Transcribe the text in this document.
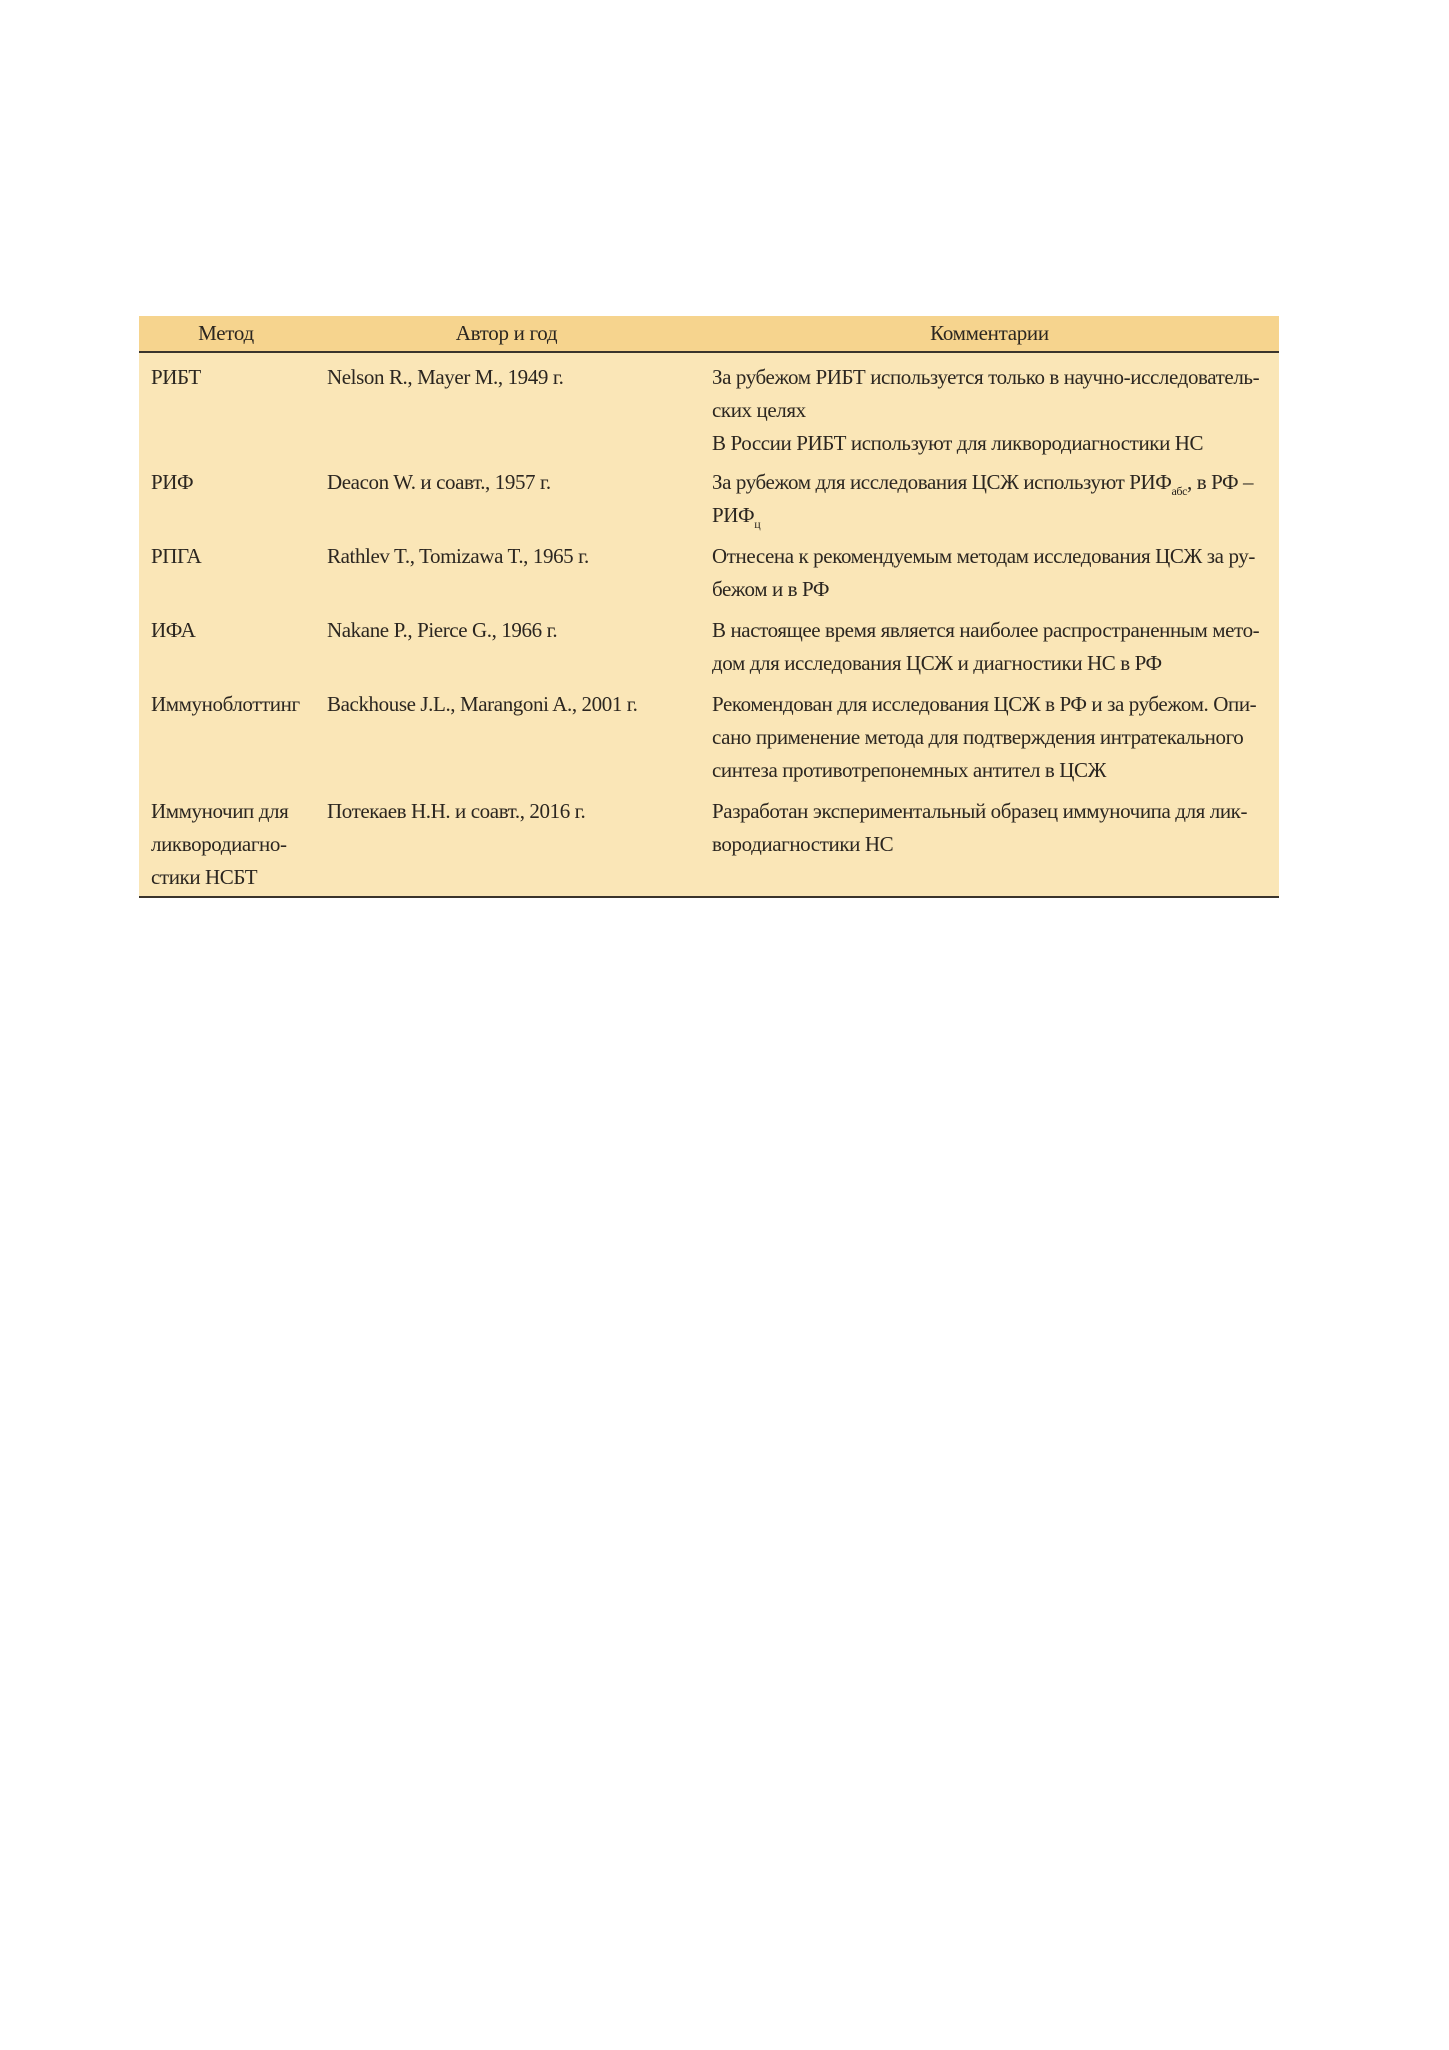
Метод	Автор и год	Комментарии
РИБТ	Nelson R., Mayer M., 1949 г.	За рубежом РИБТ используется только в научно-исследователь-
ских целях
В России РИБТ используют для ликвородиагностики НС

РИФ	Deacon W. и соавт., 1957 г.	За рубежом для исследования ЦСЖ используют $РИФ_{абс}$, в РФ –
$РИФ_ц$

РПГА	Rathlev T., Tomizawa T., 1965 г.	Отнесена к рекомендуемым методам исследования ЦСЖ за ру-
бежом и в РФ

ИФА	Nakane P., Pierce G., 1966 г.	В настоящее время является наиболее распространенным мето-
дом для исследования ЦСЖ и диагностики НС в РФ

Иммуноблоттинг	Backhouse J.L., Marangoni A., 2001 г.	Рекомендован для исследования ЦСЖ в РФ и за рубежом. Опи-
сано применение метода для подтверждения интратекального
синтеза противотрепонемных антител в ЦСЖ

Иммуночип для
ликвородиагно-
стики НСБТ	Потекаев Н.Н. и соавт., 2016 г.	Разработан экспериментальный образец иммуночипа для лик-
вородиагностики НС
